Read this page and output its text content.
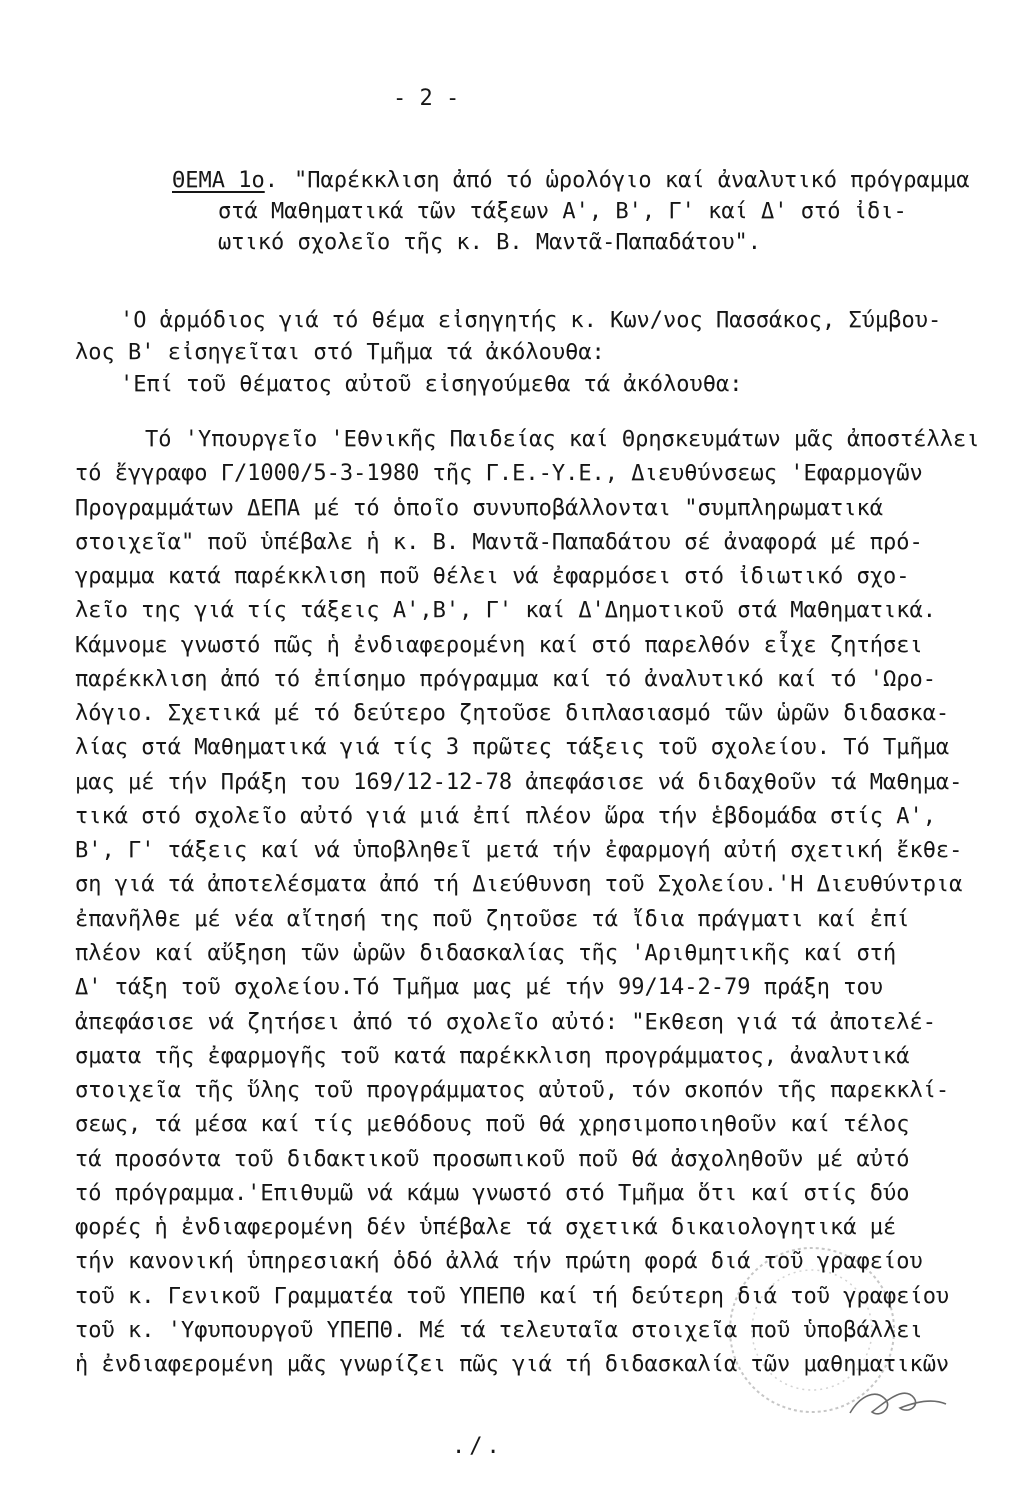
- 2 -
ΘΕΜΑ 1ο. "Παρέκκλιση ἀπό τό ὡρολόγιο καί ἀναλυτικό πρόγραμμα
στά Μαθηματικά τῶν τάξεων Α', Β', Γ' καί Δ' στό ἰδι-
ωτικό σχολεῖο τῆς κ. Β. Μαντᾶ-Παπαδάτου".
'Ο ἁρμόδιος γιά τό θέμα εἰσηγητής κ. Κων/νος Πασσάκος, Σύμβου-
λος Β' εἰσηγεῖται στό Τμῆμα τά ἀκόλουθα:
'Επί τοῦ θέματος αὐτοῦ εἰσηγούμεθα τά ἀκόλουθα:
Τό 'Υπουργεῖο 'Εθνικῆς Παιδείας καί Θρησκευμάτων μᾶς ἀποστέλλει
τό ἔγγραφο Γ/1000/5-3-1980 τῆς Γ.Ε.-Υ.Ε., Διευθύνσεως 'Εφαρμογῶν
Προγραμμάτων ΔΕΠΑ μέ τό ὁποῖο συνυποβάλλονται "συμπληρωματικά
στοιχεῖα" ποῦ ὑπέβαλε ἡ κ. Β. Μαντᾶ-Παπαδάτου σέ ἀναφορά μέ πρό-
γραμμα κατά παρέκκλιση ποῦ θέλει νά ἐφαρμόσει στό ἰδιωτικό σχο-
λεῖο της γιά τίς τάξεις Α',Β', Γ' καί Δ'Δημοτικοῦ στά Μαθηματικά.
Κάμνομε γνωστό πῶς ἡ ἐνδιαφερομένη καί στό παρελθόν εἶχε ζητήσει
παρέκκλιση ἀπό τό ἐπίσημο πρόγραμμα καί τό ἀναλυτικό καί τό 'Ωρο-
λόγιο. Σχετικά μέ τό δεύτερο ζητοῦσε διπλασιασμό τῶν ὡρῶν διδασκα-
λίας στά Μαθηματικά γιά τίς 3 πρῶτες τάξεις τοῦ σχολείου. Τό Τμῆμα
μας μέ τήν Πράξη του 169/12-12-78 ἀπεφάσισε νά διδαχθοῦν τά Μαθημα-
τικά στό σχολεῖο αὐτό γιά μιά ἐπί πλέον ὥρα τήν ἑβδομάδα στίς Α',
Β', Γ' τάξεις καί νά ὑποβληθεῖ μετά τήν ἐφαρμογή αὐτή σχετική ἔκθε-
ση γιά τά ἀποτελέσματα ἀπό τή Διεύθυνση τοῦ Σχολείου.'Η Διευθύντρια
ἐπανῆλθε μέ νέα αἴτησή της ποῦ ζητοῦσε τά ἴδια πράγματι καί ἐπί
πλέον καί αὔξηση τῶν ὡρῶν διδασκαλίας τῆς 'Αριθμητικῆς καί στή
Δ' τάξη τοῦ σχολείου.Τό Τμῆμα μας μέ τήν 99/14-2-79 πράξη του
ἀπεφάσισε νά ζητήσει ἀπό τό σχολεῖο αὐτό: "Εκθεση γιά τά ἀποτελέ-
σματα τῆς ἐφαρμογῆς τοῦ κατά παρέκκλιση προγράμματος, ἀναλυτικά
στοιχεῖα τῆς ὕλης τοῦ προγράμματος αὐτοῦ, τόν σκοπόν τῆς παρεκκλί-
σεως, τά μέσα καί τίς μεθόδους ποῦ θά χρησιμοποιηθοῦν καί τέλος
τά προσόντα τοῦ διδακτικοῦ προσωπικοῦ ποῦ θά ἀσχοληθοῦν μέ αὐτό
τό πρόγραμμα.'Επιθυμῶ νά κάμω γνωστό στό Τμῆμα ὅτι καί στίς δύο
φορές ἡ ἐνδιαφερομένη δέν ὑπέβαλε τά σχετικά δικαιολογητικά μέ
τήν κανονική ὑπηρεσιακή ὁδό ἀλλά τήν πρώτη φορά διά τοῦ γραφείου
τοῦ κ. Γενικοῦ Γραμματέα τοῦ ΥΠΕΠΘ καί τή δεύτερη διά τοῦ γραφείου
τοῦ κ. 'Υφυπουργοῦ ΥΠΕΠΘ. Μέ τά τελευταῖα στοιχεῖα ποῦ ὑποβάλλει
ἡ ἐνδιαφερομένη μᾶς γνωρίζει πῶς γιά τή διδασκαλία τῶν μαθηματικῶν
./.
